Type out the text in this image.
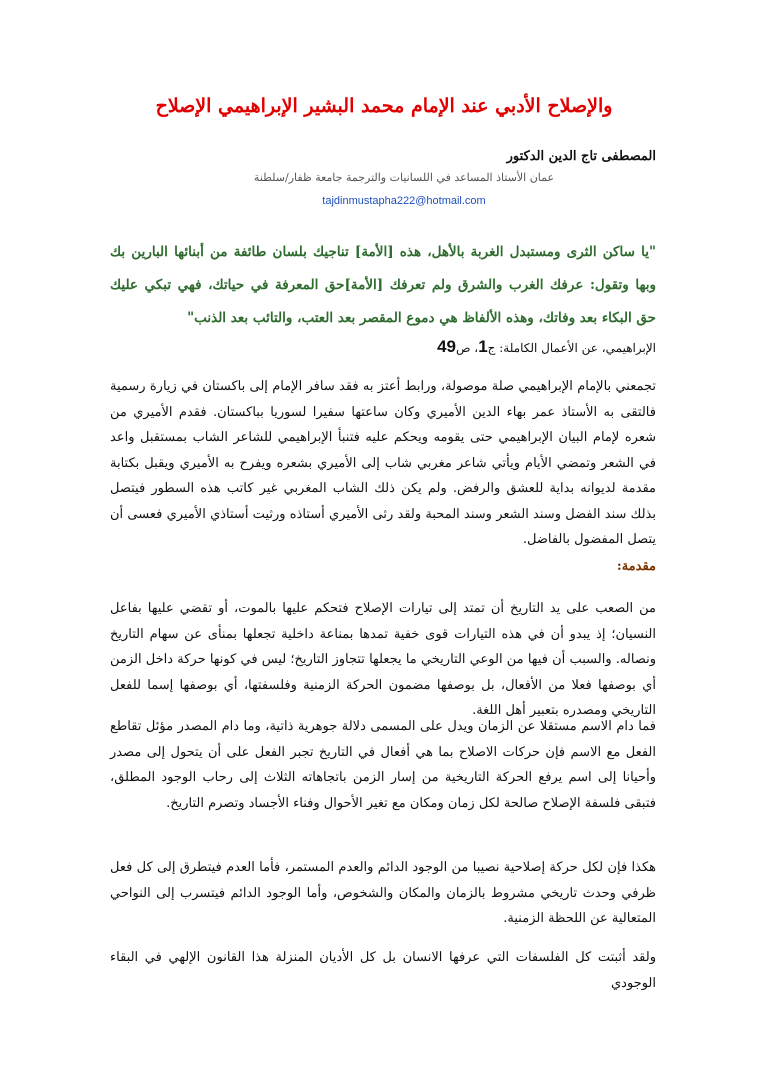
والإصلاح الأدبي عند الإمام محمد البشير الإبراهيمي الإصلاح
المصطفى تاج الدين الدكتور
عمان الأستاذ المساعد في اللسانيات والترجمة جامعة ظفار/سلطنة
tajdinmustapha222@hotmail.com
"يا ساكن الثرى ومستبدل الغربة بالأهل، هذه [الأمة] تناجيك بلسان طائفة من أبنائها البارين بك وبها وتقول: عرفك الغرب والشرق ولم تعرفك [الأمة]حق المعرفة في حياتك، فهي تبكي عليك حق البكاء بعد وفاتك، وهذه الألفاظ هي دموع المقصر بعد العتب، والتائب بعد الذنب"
الإبراهيمي، عن الأعمال الكاملة: ج1، ص49
تجمعني بالإمام الإبراهيمي صلة موصولة، ورابط أعتز به فقد سافر الإمام إلى باكستان في زيارة رسمية فالتقى به الأستاذ عمر بهاء الدين الأميري وكان ساعتها سفيرا لسوريا بباكستان. فقدم الأميري من شعره لإمام البيان الإبراهيمي حتى يقومه ويحكم عليه فتنبأ الإبراهيمي للشاعر الشاب بمستقبل واعد في الشعر وتمضي الأيام ويأتي شاعر مغربي شاب إلى الأميري بشعره ويفرح به الأميري ويقبل بكتابة مقدمة لديوانه بداية للعشق والرفض. ولم يكن ذلك الشاب المغربي غير كاتب هذه السطور فيتصل بذلك سند الفضل وسند الشعر وسند المحبة ولقد رثى الأميري أستاذه ورثيت أستاذي الأميري فعسى أن يتصل المفضول بالفاضل.
مقدمة:
من الصعب على يد التاريخ أن تمتد إلى تيارات الإصلاح فتحكم عليها بالموت، أو تقضي عليها بفاعل النسيان؛ إذ يبدو أن في هذه التيارات قوى خفية تمدها بمناعة داخلية تجعلها بمنأى عن سهام التاريخ ونصاله. والسبب أن فيها من الوعي التاريخي ما يجعلها تتجاوز التاريخ؛ ليس في كونها حركة داخل الزمن أي بوصفها فعلا من الأفعال، بل بوصفها مضمون الحركة الزمنية وفلسفتها، أي بوصفها إسما للفعل التاريخي ومصدره بتعبير أهل اللغة.
فما دام الاسم مستقلا عن الزمان ويدل على المسمى دلالة جوهرية ذاتية، وما دام المصدر مؤئل تقاطع الفعل مع الاسم فإن حركات الاصلاح بما هي أفعال في التاريخ تجبر الفعل على أن يتحول إلى مصدر وأحيانا إلى اسم يرفع الحركة التاريخية من إسار الزمن باتجاهاته الثلاث إلى رحاب الوجود المطلق، فتبقى فلسفة الإصلاح صالحة لكل زمان ومكان مع تغير الأحوال وفناء الأجساد وتصرم التاريخ.
هكذا فإن لكل حركة إصلاحية نصيبا من الوجود الدائم والعدم المستمر، فأما العدم فيتطرق إلى كل فعل ظرفي وحدث تاريخي مشروط بالزمان والمكان والشخوص، وأما الوجود الدائم فيتسرب إلى النواحي المتعالية عن اللحظة الزمنية.
ولقد أثبتت كل الفلسفات التي عرفها الانسان بل كل الأديان المنزلة هذا القانون الإلهي في البقاء الوجودي
